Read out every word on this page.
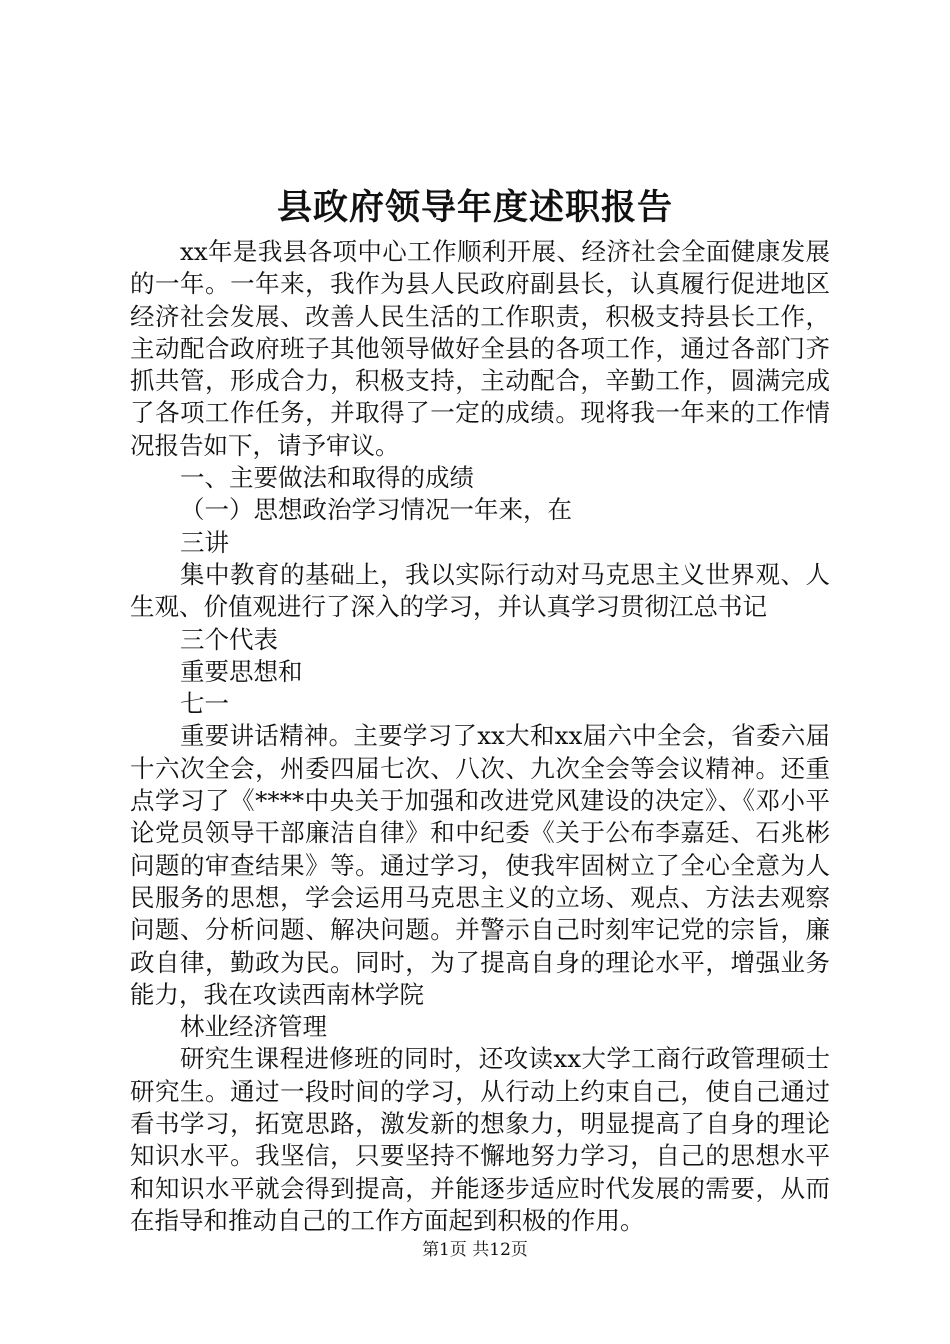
县政府领导年度述职报告

xx年是我县各项中心工作顺利开展、经济社会全面健康发展的一年。一年来，我作为县人民政府副县长，认真履行促进地区经济社会发展、改善人民生活的工作职责，积极支持县长工作，主动配合政府班子其他领导做好全县的各项工作，通过各部门齐抓共管，形成合力，积极支持，主动配合，辛勤工作，圆满完成了各项工作任务，并取得了一定的成绩。现将我一年来的工作情况报告如下，请予审议。

一、主要做法和取得的成绩

（一）思想政治学习情况一年来，在

三讲

集中教育的基础上，我以实际行动对马克思主义世界观、人生观、价值观进行了深入的学习，并认真学习贯彻江总书记

三个代表

重要思想和

七一

重要讲话精神。主要学习了xx大和xx届六中全会，省委六届十六次全会，州委四届七次、八次、九次全会等会议精神。还重点学习了《****中央关于加强和改进党风建设的决定》、《邓小平论党员领导干部廉洁自律》和中纪委《关于公布李嘉廷、石兆彬问题的审查结果》等。通过学习，使我牢固树立了全心全意为人民服务的思想，学会运用马克思主义的立场、观点、方法去观察问题、分析问题、解决问题。并警示自己时刻牢记党的宗旨，廉政自律，勤政为民。同时，为了提高自身的理论水平，增强业务能力，我在攻读西南林学院

林业经济管理

研究生课程进修班的同时，还攻读xx大学工商行政管理硕士研究生。通过一段时间的学习，从行动上约束自己，使自己通过看书学习，拓宽思路，激发新的想象力，明显提高了自身的理论知识水平。我坚信，只要坚持不懈地努力学习，自己的思想水平和知识水平就会得到提高，并能逐步适应时代发展的需要，从而在指导和推动自己的工作方面起到积极的作用。

第1页 共12页
